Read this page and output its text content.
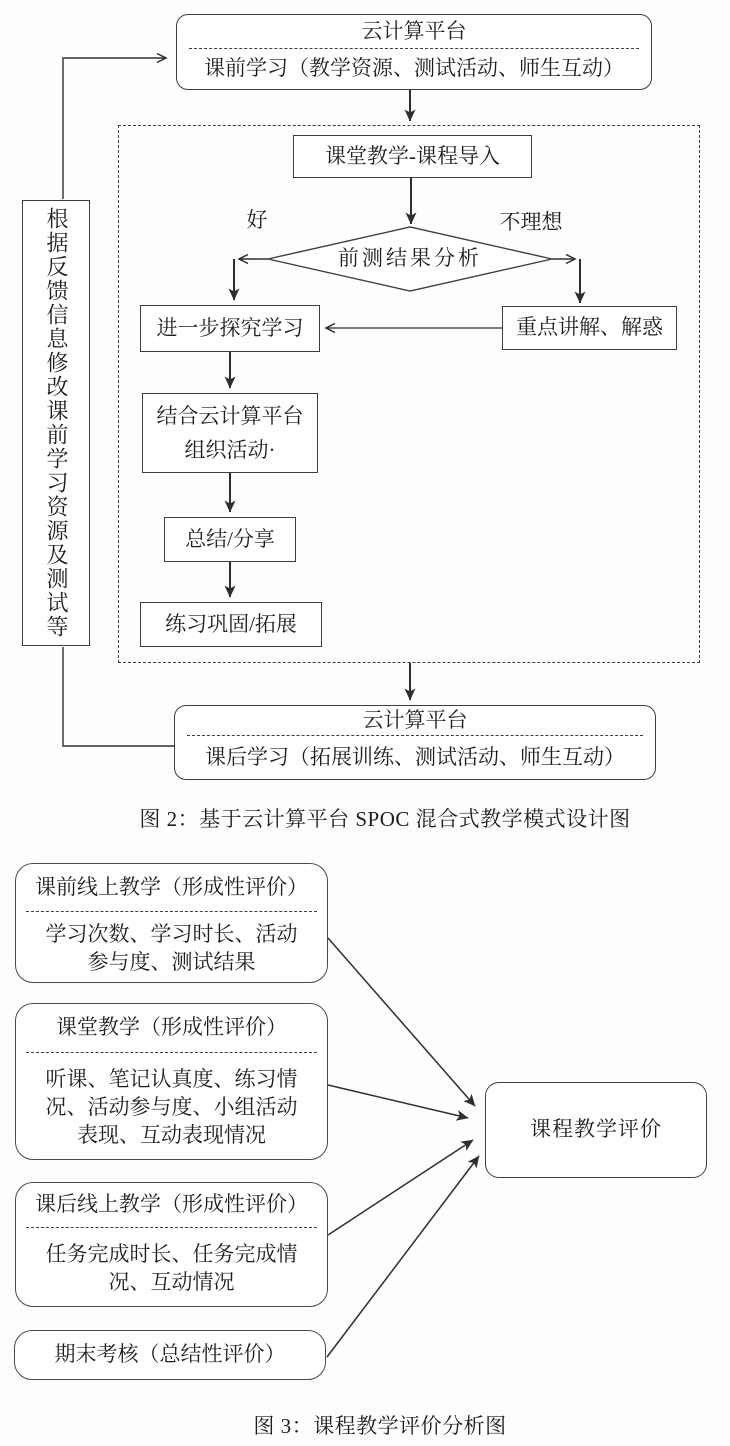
云计算平台
课前学习（教学资源、测试活动、师生互动）
根据反馈信息修改课前学习资源及测试等
课堂教学-课程导入
前测结果分析
好	不理想
进一步探究学习	重点讲解、解惑
结合云计算平台
组织活动·
总结/分享
练习巩固/拓展
云计算平台
课后学习（拓展训练、测试活动、师生互动）
图 2：基于云计算平台 SPOC 混合式教学模式设计图
课前线上教学（形成性评价）
学习次数、学习时长、活动
参与度、测试结果
课堂教学（形成性评价）
听课、笔记认真度、练习情
况、活动参与度、小组活动
表现、互动表现情况
课后线上教学（形成性评价）
任务完成时长、任务完成情
况、互动情况
期末考核（总结性评价）
课程教学评价
图 3：课程教学评价分析图
